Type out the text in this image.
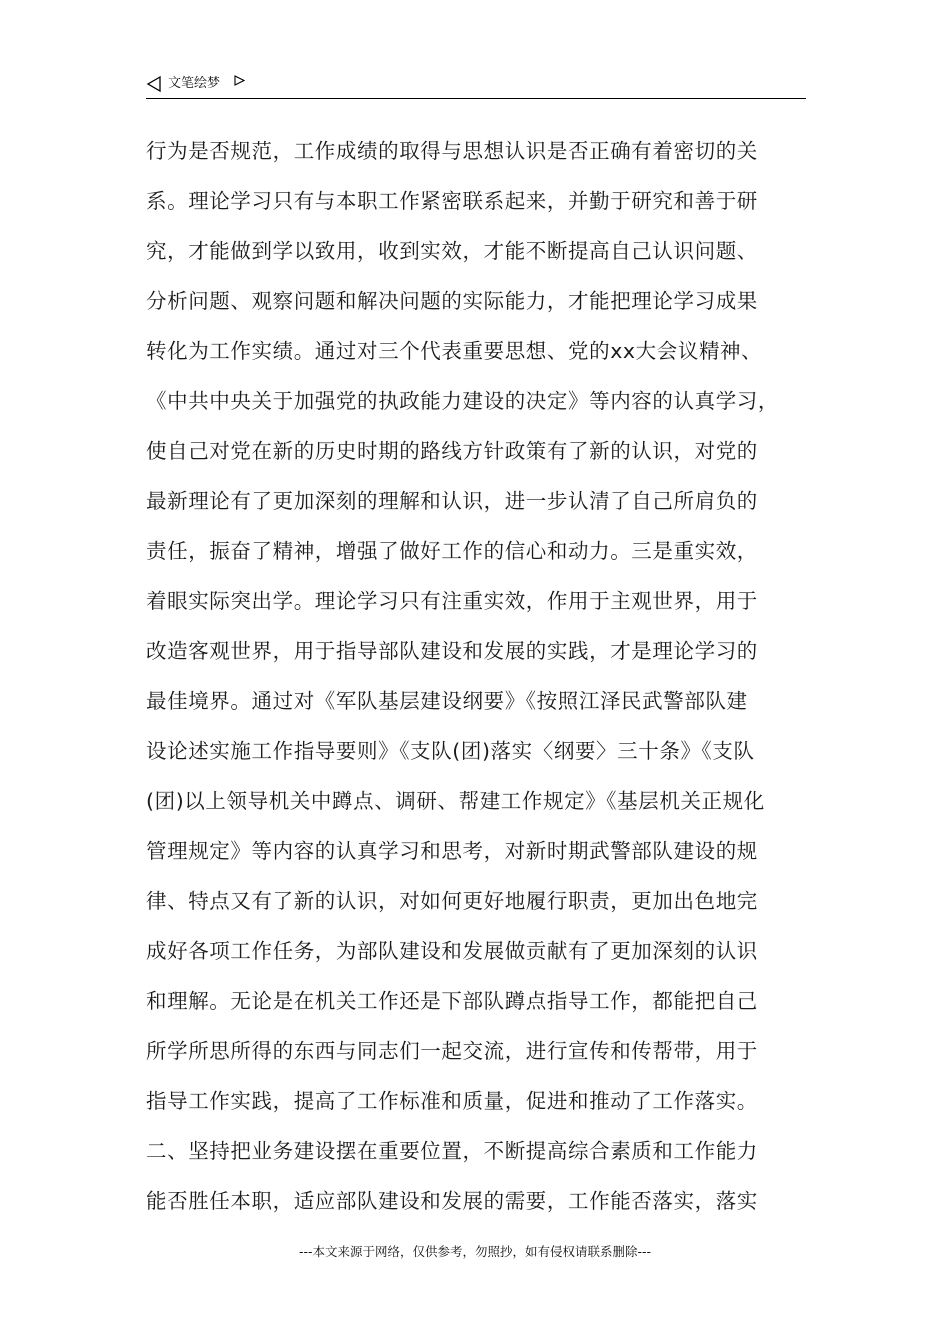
文笔绘梦
行为是否规范，工作成绩的取得与思想认识是否正确有着密切的关
系。理论学习只有与本职工作紧密联系起来，并勤于研究和善于研
究，才能做到学以致用，收到实效，才能不断提高自己认识问题、
分析问题、观察问题和解决问题的实际能力，才能把理论学习成果
转化为工作实绩。通过对三个代表重要思想、党的xx大会议精神、
《中共中央关于加强党的执政能力建设的决定》等内容的认真学习，
使自己对党在新的历史时期的路线方针政策有了新的认识，对党的
最新理论有了更加深刻的理解和认识，进一步认清了自己所肩负的
责任，振奋了精神，增强了做好工作的信心和动力。三是重实效，
着眼实际突出学。理论学习只有注重实效，作用于主观世界，用于
改造客观世界，用于指导部队建设和发展的实践，才是理论学习的
最佳境界。通过对《军队基层建设纲要》《按照江泽民武警部队建
设论述实施工作指导要则》《支队(团)落实〈纲要〉三十条》《支队
(团)以上领导机关中蹲点、调研、帮建工作规定》《基层机关正规化
管理规定》等内容的认真学习和思考，对新时期武警部队建设的规
律、特点又有了新的认识，对如何更好地履行职责，更加出色地完
成好各项工作任务，为部队建设和发展做贡献有了更加深刻的认识
和理解。无论是在机关工作还是下部队蹲点指导工作，都能把自己
所学所思所得的东西与同志们一起交流，进行宣传和传帮带，用于
指导工作实践，提高了工作标准和质量，促进和推动了工作落实。
二、坚持把业务建设摆在重要位置，不断提高综合素质和工作能力
能否胜任本职，适应部队建设和发展的需要，工作能否落实，落实
---本文来源于网络，仅供参考，勿照抄，如有侵权请联系删除---
